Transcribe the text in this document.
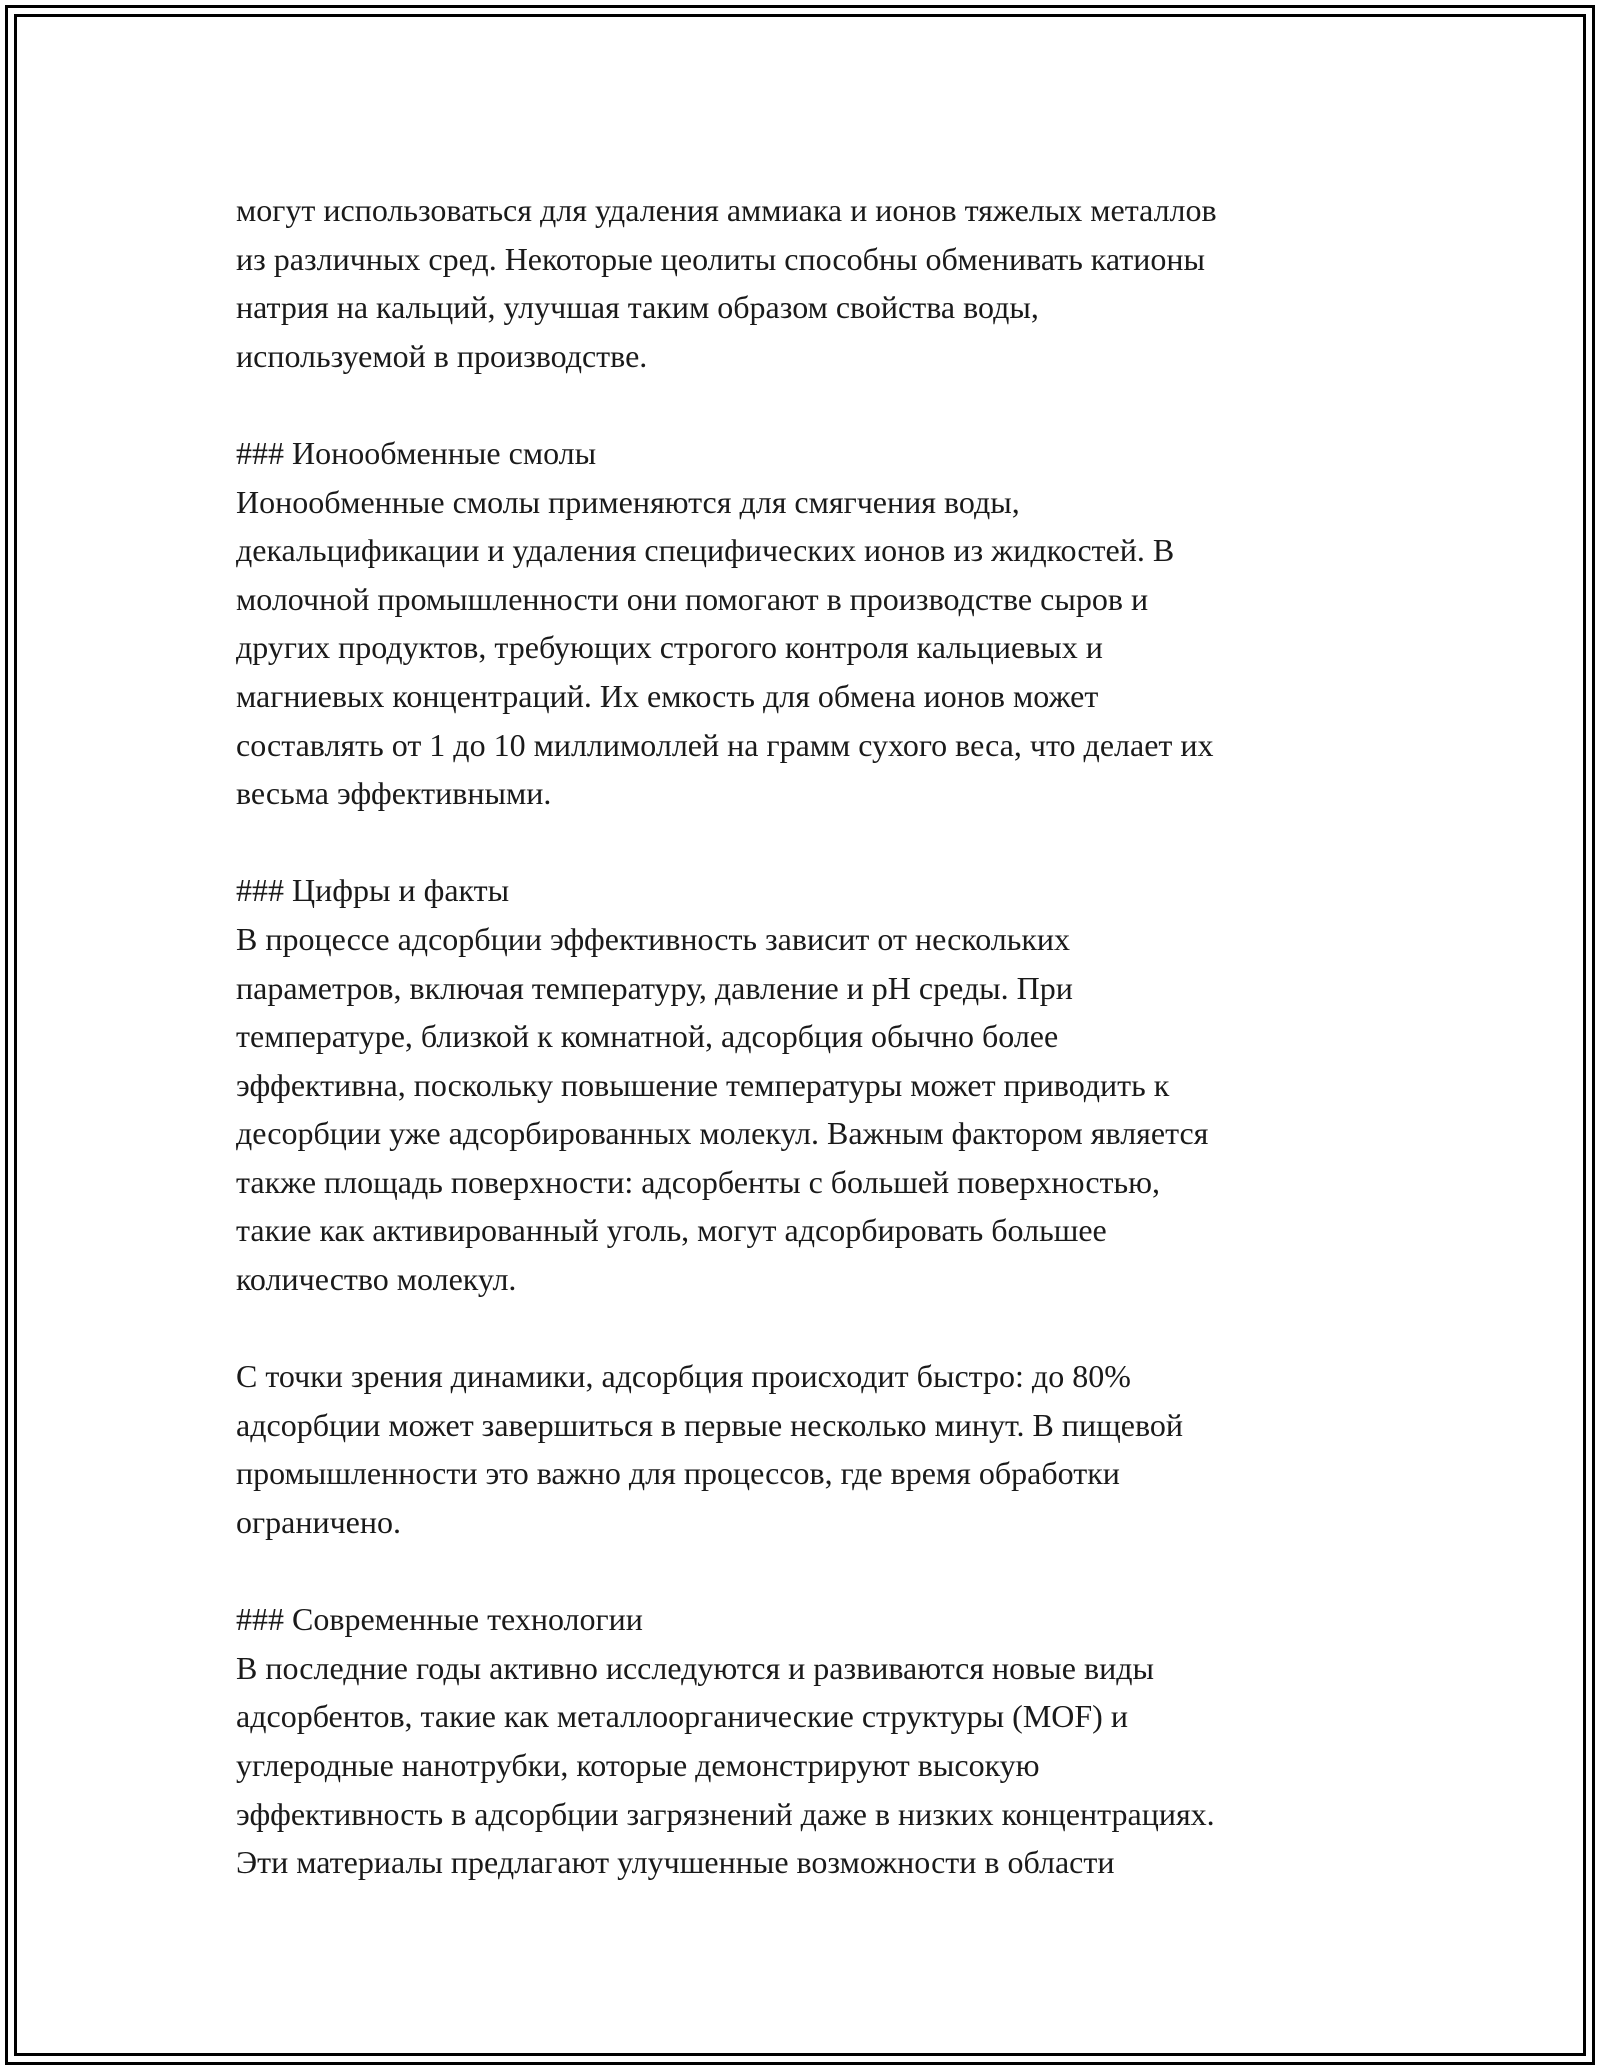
могут использоваться для удаления аммиака и ионов тяжелых металлов
из различных сред. Некоторые цеолиты способны обменивать катионы
натрия на кальций, улучшая таким образом свойства воды,
используемой в производстве.
### Ионообменные смолы
Ионообменные смолы применяются для смягчения воды,
декальцификации и удаления специфических ионов из жидкостей. В
молочной промышленности они помогают в производстве сыров и
других продуктов, требующих строгого контроля кальциевых и
магниевых концентраций. Их емкость для обмена ионов может
составлять от 1 до 10 миллимоллей на грамм сухого веса, что делает их
весьма эффективными.
### Цифры и факты
В процессе адсорбции эффективность зависит от нескольких
параметров, включая температуру, давление и pH среды. При
температуре, близкой к комнатной, адсорбция обычно более
эффективна, поскольку повышение температуры может приводить к
десорбции уже адсорбированных молекул. Важным фактором является
также площадь поверхности: адсорбенты с большей поверхностью,
такие как активированный уголь, могут адсорбировать большее
количество молекул.
С точки зрения динамики, адсорбция происходит быстро: до 80%
адсорбции может завершиться в первые несколько минут. В пищевой
промышленности это важно для процессов, где время обработки
ограничено.
### Современные технологии
В последние годы активно исследуются и развиваются новые виды
адсорбентов, такие как металлоорганические структуры (MOF) и
углеродные нанотрубки, которые демонстрируют высокую
эффективность в адсорбции загрязнений даже в низких концентрациях.
Эти материалы предлагают улучшенные возможности в области
